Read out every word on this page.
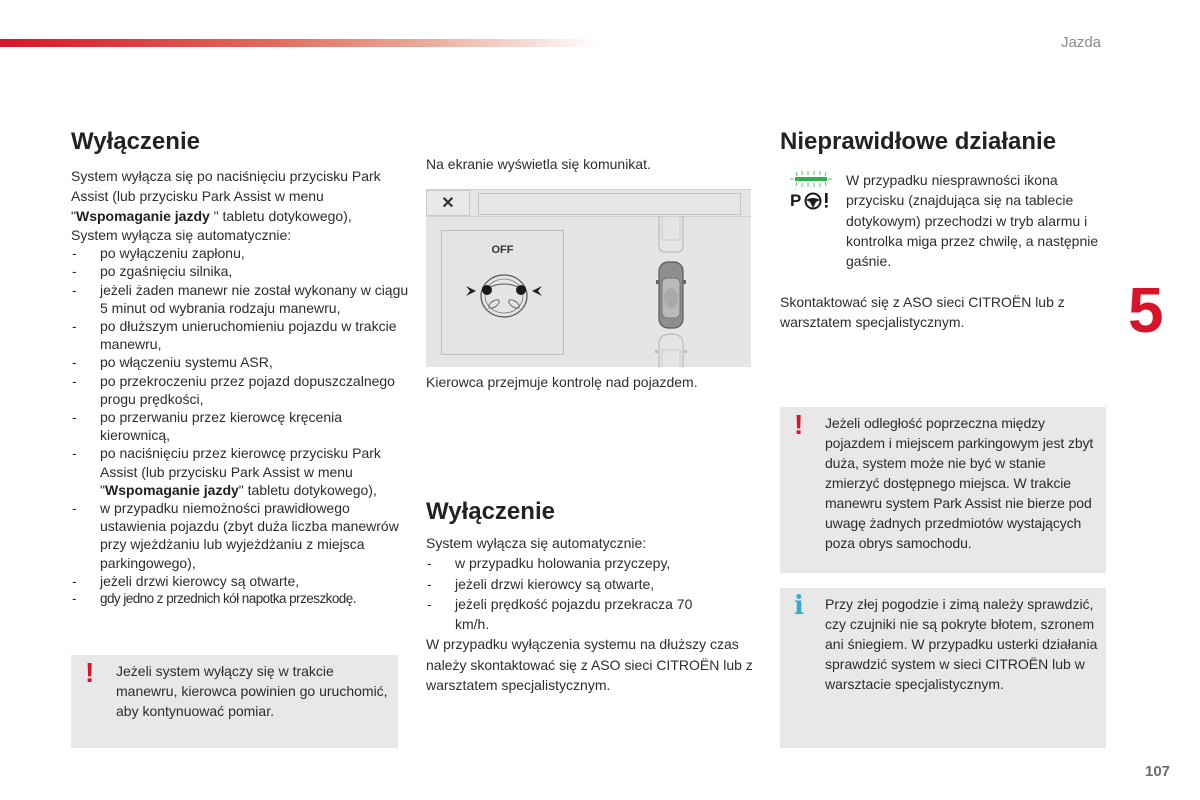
Jazda
5
107
Wyłączenie

System wyłącza się po naciśnięciu przycisku Park Assist (lub przycisku Park Assist w menu "Wspomaganie jazdy " tabletu dotykowego),

System wyłącza się automatycznie:

- po wyłączeniu zapłonu,
- po zgaśnięciu silnika,
- jeżeli żaden manewr nie został wykonany w ciągu 5 minut od wybrania rodzaju manewru,
- po dłuższym unieruchomieniu pojazdu w trakcie manewru,
- po włączeniu systemu ASR,
- po przekroczeniu przez pojazd dopuszczalnego progu prędkości,
- po przerwaniu przez kierowcę kręcenia kierownicą,
- po naciśnięciu przez kierowcę przycisku Park Assist (lub przycisku Park Assist w menu "Wspomaganie jazdy" tabletu dotykowego),
- w przypadku niemożności prawidłowego ustawienia pojazdu (zbyt duża liczba manewrów przy wjeżdżaniu lub wyjeżdżaniu z miejsca parkingowego),
- jeżeli drzwi kierowcy są otwarte,
- gdy jedno z przednich kół napotka przeszkodę.
! Jeżeli system wyłączy się w trakcie manewru, kierowca powinien go uruchomić, aby kontynuować pomiar.

Na ekranie wyświetla się komunikat.

✕
OFF
Kierowca przejmuje kontrolę nad pojazdem.
Wyłączenie

System wyłącza się automatycznie:

- w przypadku holowania przyczepy,
- jeżeli drzwi kierowcy są otwarte,
- jeżeli prędkość pojazdu przekracza 70 km/h.

W przypadku wyłączenia systemu na dłuższy czas należy skontaktować się z ASO sieci CITROËN lub z warsztatem specjalistycznym.

Nieprawidłowe działanie
P

W przypadku niesprawności ikona przycisku (znajdująca się na tablecie dotykowym) przechodzi w tryb alarmu i kontrolka miga przez chwilę, a następnie gaśnie.

Skontaktować się z ASO sieci CITROËN lub z warsztatem specjalistycznym.

! Jeżeli odległość poprzeczna między pojazdem i miejscem parkingowym jest zbyt duża, system może nie być w stanie zmierzyć dostępnego miejsca. W trakcie manewru system Park Assist nie bierze pod uwagę żadnych przedmiotów wystających poza obrys samochodu.
i Przy złej pogodzie i zimą należy sprawdzić, czy czujniki nie są pokryte błotem, szronem ani śniegiem. W przypadku usterki działania sprawdzić system w sieci CITROËN lub w warsztacie specjalistycznym.
